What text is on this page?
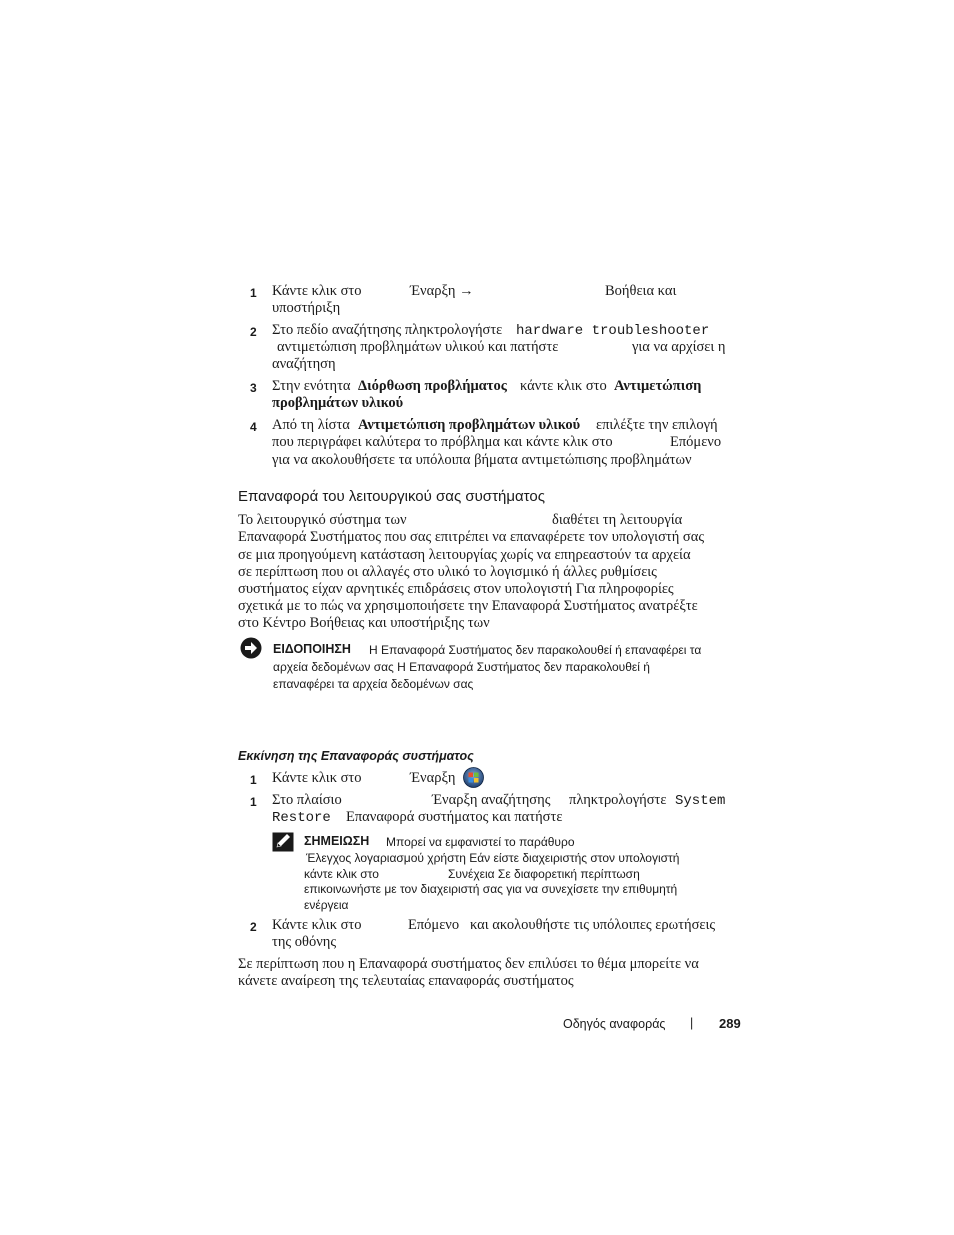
1 Κάντε κλικ στο	Έναρξη →	Βοήθεια και
υποστήριξη
2 Στο πεδίο αναζήτησης πληκτρολογήστε hardware troubleshooter
αντιμετώπιση προβλημάτων υλικού και πατήστε	για να αρχίσει η
αναζήτηση
3 Στην ενότητα Διόρθωση προβλήματος κάντε κλικ στο Αντιμετώπιση
προβλημάτων υλικού
4 Από τη λίστα Αντιμετώπιση προβλημάτων υλικού επιλέξτε την επιλογή
που περιγράφει καλύτερα το πρόβλημα και κάντε κλικ στο	Επόμενο
για να ακολουθήσετε τα υπόλοιπα βήματα αντιμετώπισης προβλημάτων
Επαναφορά του λειτουργικού σας συστήματος
Το λειτουργικό σύστημα των	διαθέτει τη λειτουργία
Επαναφορά Συστήματος που σας επιτρέπει να επαναφέρετε τον υπολογιστή σας
σε μια προηγούμενη κατάσταση λειτουργίας χωρίς να επηρεαστούν τα αρχεία
σε περίπτωση που οι αλλαγές στο υλικό το λογισμικό ή άλλες ρυθμίσεις
συστήματος είχαν αρνητικές επιδράσεις στον υπολογιστή Για πληροφορίες
σχετικά με το πώς να χρησιμοποιήσετε την Επαναφορά Συστήματος ανατρέξτε
στο Κέντρο Βοήθειας και υποστήριξης των
ΕΙΔΟΠΟΙΗΣΗ Η Επαναφορά Συστήματος δεν παρακολουθεί ή επαναφέρει τα
αρχεία δεδομένων σας Η Επαναφορά Συστήματος δεν παρακολουθεί ή
επαναφέρει τα αρχεία δεδομένων σας
Εκκίνηση της Επαναφοράς συστήματος
1 Κάντε κλικ στο	Έναρξη
1 Στο πλαίσιο	Έναρξη αναζήτησης πληκτρολογήστε System
Restore Επαναφορά συστήματος και πατήστε
ΣΗΜΕΙΩΣΗ Μπορεί να εμφανιστεί το παράθυρο
Έλεγχος λογαριασμού χρήστη Εάν είστε διαχειριστής στον υπολογιστή
κάντε κλικ στο	Συνέχεια Σε διαφορετική περίπτωση
επικοινωνήστε με τον διαχειριστή σας για να συνεχίσετε την επιθυμητή
ενέργεια
2 Κάντε κλικ στο	Επόμενο και ακολουθήστε τις υπόλοιπες ερωτήσεις
της οθόνης
Σε περίπτωση που η Επαναφορά συστήματος δεν επιλύσει το θέμα μπορείτε να
κάνετε αναίρεση της τελευταίας επαναφοράς συστήματος
Οδηγός αναφοράς | 289
